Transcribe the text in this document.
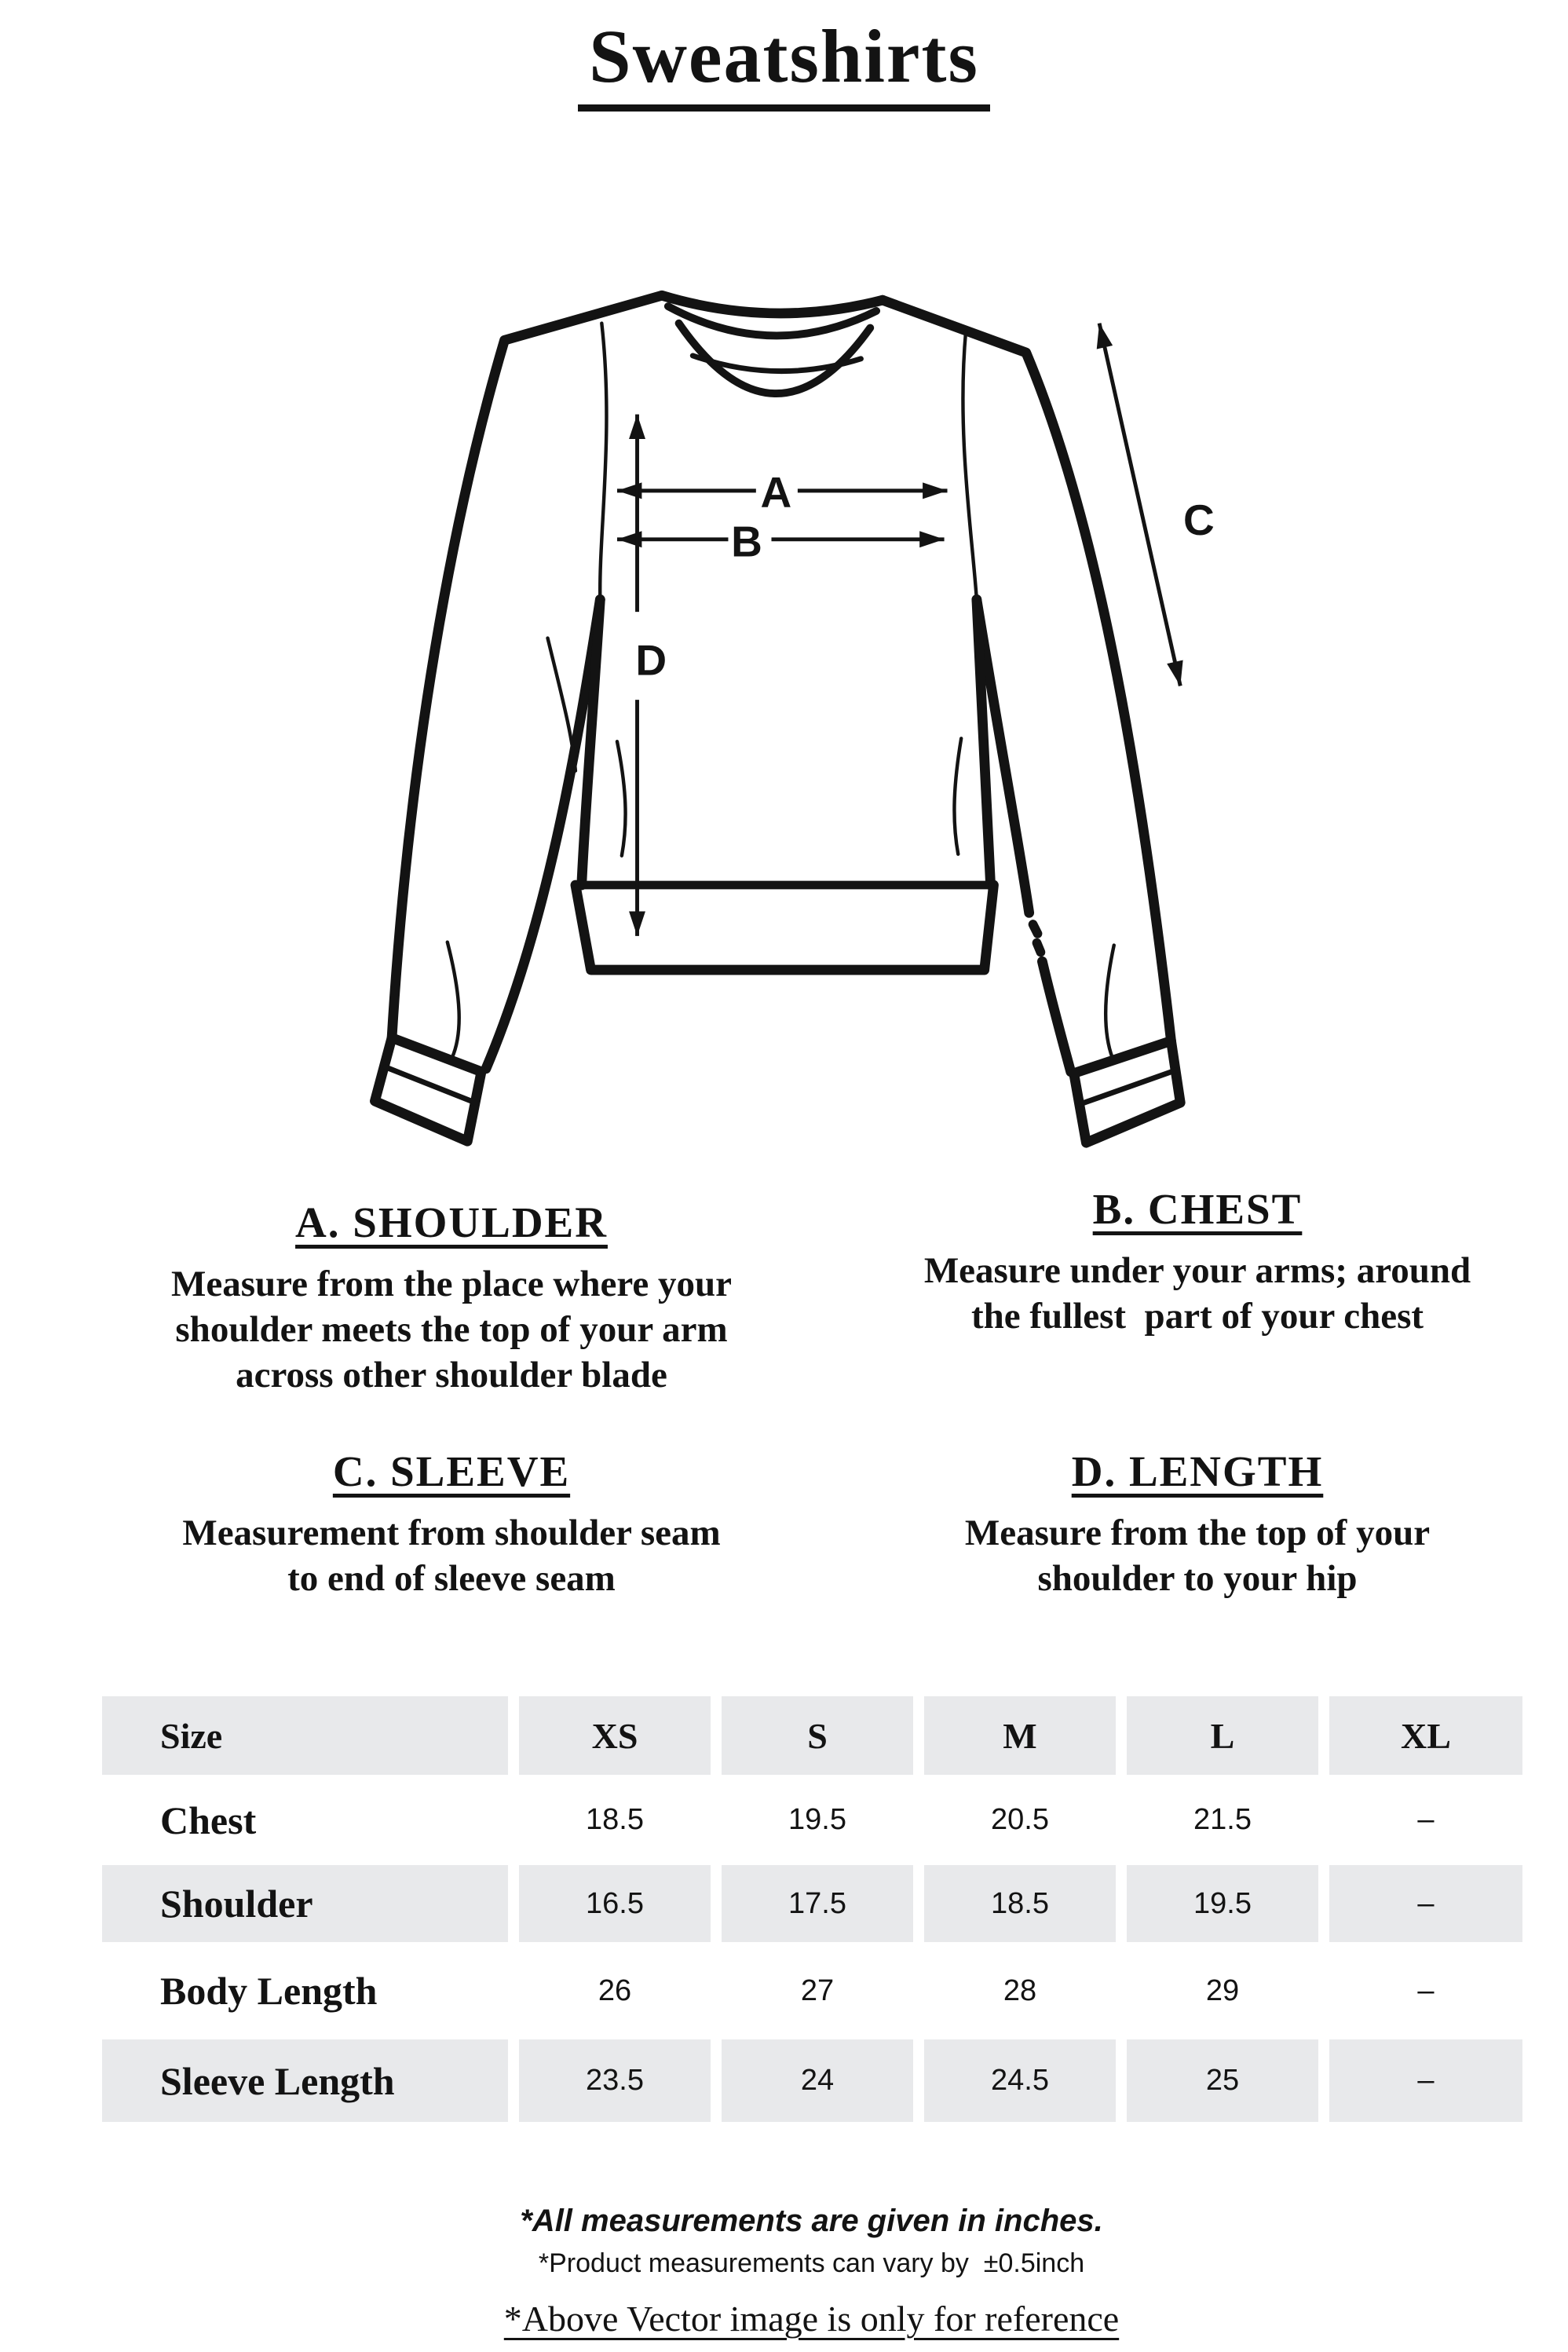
Sweatshirts
A
B	C
D
A. SHOULDER
Measure from the place where your
shoulder meets the top of your arm
across other shoulder blade
B. CHEST
Measure under your arms; around
the fullest  part of your chest
C. SLEEVE
Measurement from shoulder seam
to end of sleeve seam
D. LENGTH
Measure from the top of your
shoulder to your hip
Size	XS	S	M	L	XL
Chest	18.5	19.5	20.5	21.5	–
Shoulder	16.5	17.5	18.5	19.5	–
Body Length	26	27	28	29	–
Sleeve Length	23.5	24	24.5	25	–
*All measurements are given in inches.
*Product measurements can vary by  ±0.5inch
*Above Vector image is only for reference
